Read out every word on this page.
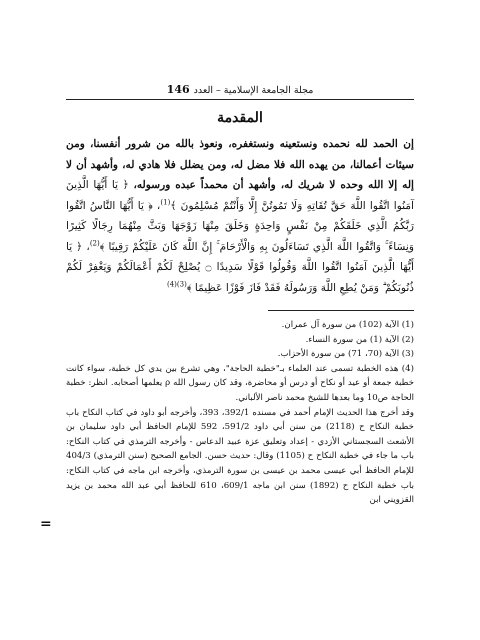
مجلة الجامعة الإسلامية – العدد
146
المقدمة
إن الحمد لله نحمده ونستعينه ونستغفره، ونعوذ بالله من شرور أنفسنا، ومن سيئات أعمالنا، من يهده الله فلا مضل له، ومن يضلل فلا هادي له، وأشهد أن لا إله إلا الله وحده لا شريك له، وأشهد أن محمداً عبده ورسوله، ﴿ يَا أَيُّهَا الَّذِينَ آمَنُوا اتَّقُوا اللَّهَ حَقَّ تُقَاتِهِ وَلَا تَمُوتُنَّ إِلَّا وَأَنْتُمْ مُسْلِمُونَ ﴾$^{(1)}$، ﴿ يَا أَيُّهَا النَّاسُ اتَّقُوا رَبَّكُمُ الَّذِي خَلَقَكُمْ مِنْ نَفْسٍ وَاحِدَةٍ وَخَلَقَ مِنْهَا زَوْجَهَا وَبَثَّ مِنْهُمَا رِجَالًا كَثِيرًا وَنِسَاءً ۚ وَاتَّقُوا اللَّهَ الَّذِي تَسَاءَلُونَ بِهِ وَالْأَرْحَامَ ۚ إِنَّ اللَّهَ كَانَ عَلَيْكُمْ رَقِيبًا ﴾$^{(2)}$، ﴿ يَا أَيُّهَا الَّذِينَ آمَنُوا اتَّقُوا اللَّهَ وَقُولُوا قَوْلًا سَدِيدًا ۝ يُصْلِحْ لَكُمْ أَعْمَالَكُمْ وَيَغْفِرْ لَكُمْ ذُنُوبَكُمْ ۗ وَمَنْ يُطِعِ اللَّهَ وَرَسُولَهُ فَقَدْ فَازَ فَوْزًا عَظِيمًا ﴾$^{(3)(4)}$

(1) الآية (102) من سورة آل عمران.

(2) الآية (1) من سورة النساء.

(3) الآية (70، 71) من سورة الأحزاب.

(4) هذه الخطبة تسمى عند العلماء بـ"خطبة الحاجة"، وهي تشرع بين يدي كل خطبة، سواء كانت خطبة جمعة أو عيد أو نكاح أو درس أو محاضرة، وقد كان رسول الله ρ يعلمها أصحابه. انظر: خطبة الحاجة ص10 وما بعدها للشيخ محمد ناصر الألباني.

وقد أخرج هذا الحديث الإمام أحمد في مسنده 392/1، 393، وأخرجه أبو داود في كتاب النكاح باب خطبة النكاح ح (2118) من سنن أبي داود 591/2، 592 للإمام الحافظ أبي داود سليمان بن الأشعث السجستاني الأزدي - إعداد وتعليق عزة عبيد الدعاس - وأخرجه الترمذي في كتاب النكاح: باب ما جاء في خطبة النكاح ح (1105) وقال: حديث حسن. الجامع الصحيح (سنن الترمذي) 404/3 للإمام الحافظ أبي عيسى محمد بن عيسى بن سورة الترمذي، وأخرجه ابن ماجه في كتاب النكاح: باب خطبة النكاح ح (1892) سنن ابن ماجه 609/1، 610 للحافظ أبي عبد الله محمد بن يزيد القزويني ابن

=
